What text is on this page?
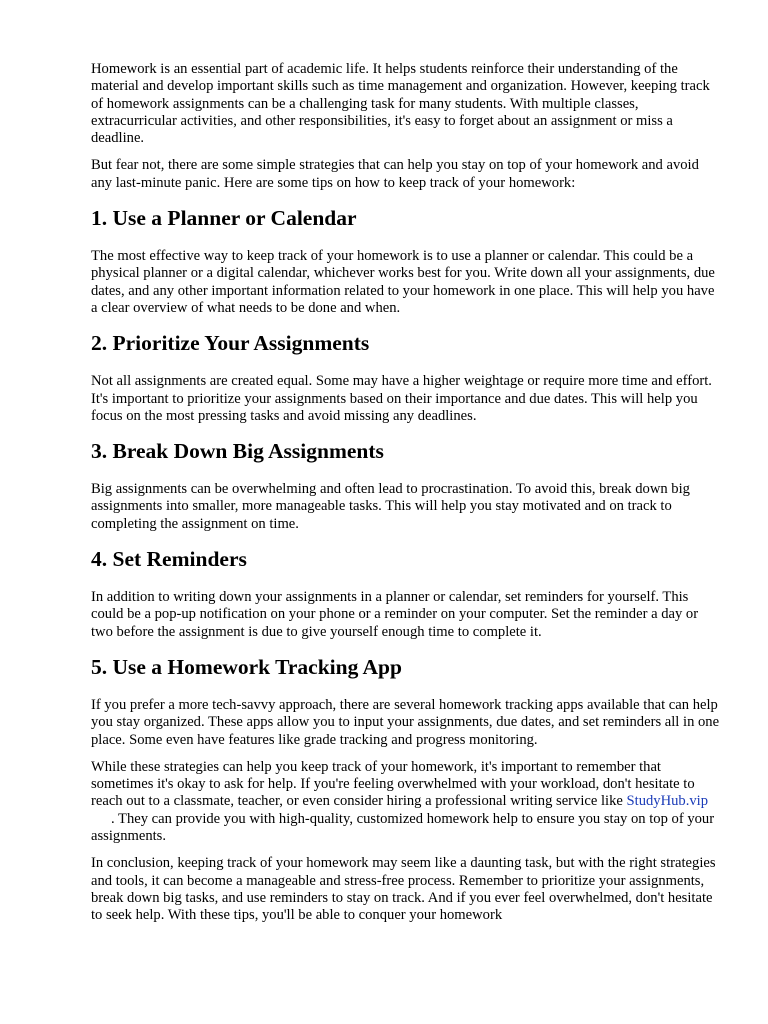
Homework is an essential part of academic life. It helps students reinforce their understanding of the material and develop important skills such as time management and organization. However, keeping track of homework assignments can be a challenging task for many students. With multiple classes, extracurricular activities, and other responsibilities, it's easy to forget about an assignment or miss a deadline.

But fear not, there are some simple strategies that can help you stay on top of your homework and avoid any last-minute panic. Here are some tips on how to keep track of your homework:

1. Use a Planner or Calendar

The most effective way to keep track of your homework is to use a planner or calendar. This could be a physical planner or a digital calendar, whichever works best for you. Write down all your assignments, due dates, and any other important information related to your homework in one place. This will help you have a clear overview of what needs to be done and when.

2. Prioritize Your Assignments

Not all assignments are created equal. Some may have a higher weightage or require more time and effort. It's important to prioritize your assignments based on their importance and due dates. This will help you focus on the most pressing tasks and avoid missing any deadlines.

3. Break Down Big Assignments

Big assignments can be overwhelming and often lead to procrastination. To avoid this, break down big assignments into smaller, more manageable tasks. This will help you stay motivated and on track to completing the assignment on time.

4. Set Reminders

In addition to writing down your assignments in a planner or calendar, set reminders for yourself. This could be a pop-up notification on your phone or a reminder on your computer. Set the reminder a day or two before the assignment is due to give yourself enough time to complete it.

5. Use a Homework Tracking App

If you prefer a more tech-savvy approach, there are several homework tracking apps available that can help you stay organized. These apps allow you to input your assignments, due dates, and set reminders all in one place. Some even have features like grade tracking and progress monitoring.

While these strategies can help you keep track of your homework, it's important to remember that sometimes it's okay to ask for help. If you're feeling overwhelmed with your workload, don't hesitate to reach out to a classmate, teacher, or even consider hiring a professional writing service like StudyHub.vip. They can provide you with high-quality, customized homework help to ensure you stay on top of your assignments.

In conclusion, keeping track of your homework may seem like a daunting task, but with the right strategies and tools, it can become a manageable and stress-free process. Remember to prioritize your assignments, break down big tasks, and use reminders to stay on track. And if you ever feel overwhelmed, don't hesitate to seek help. With these tips, you'll be able to conquer your homework
